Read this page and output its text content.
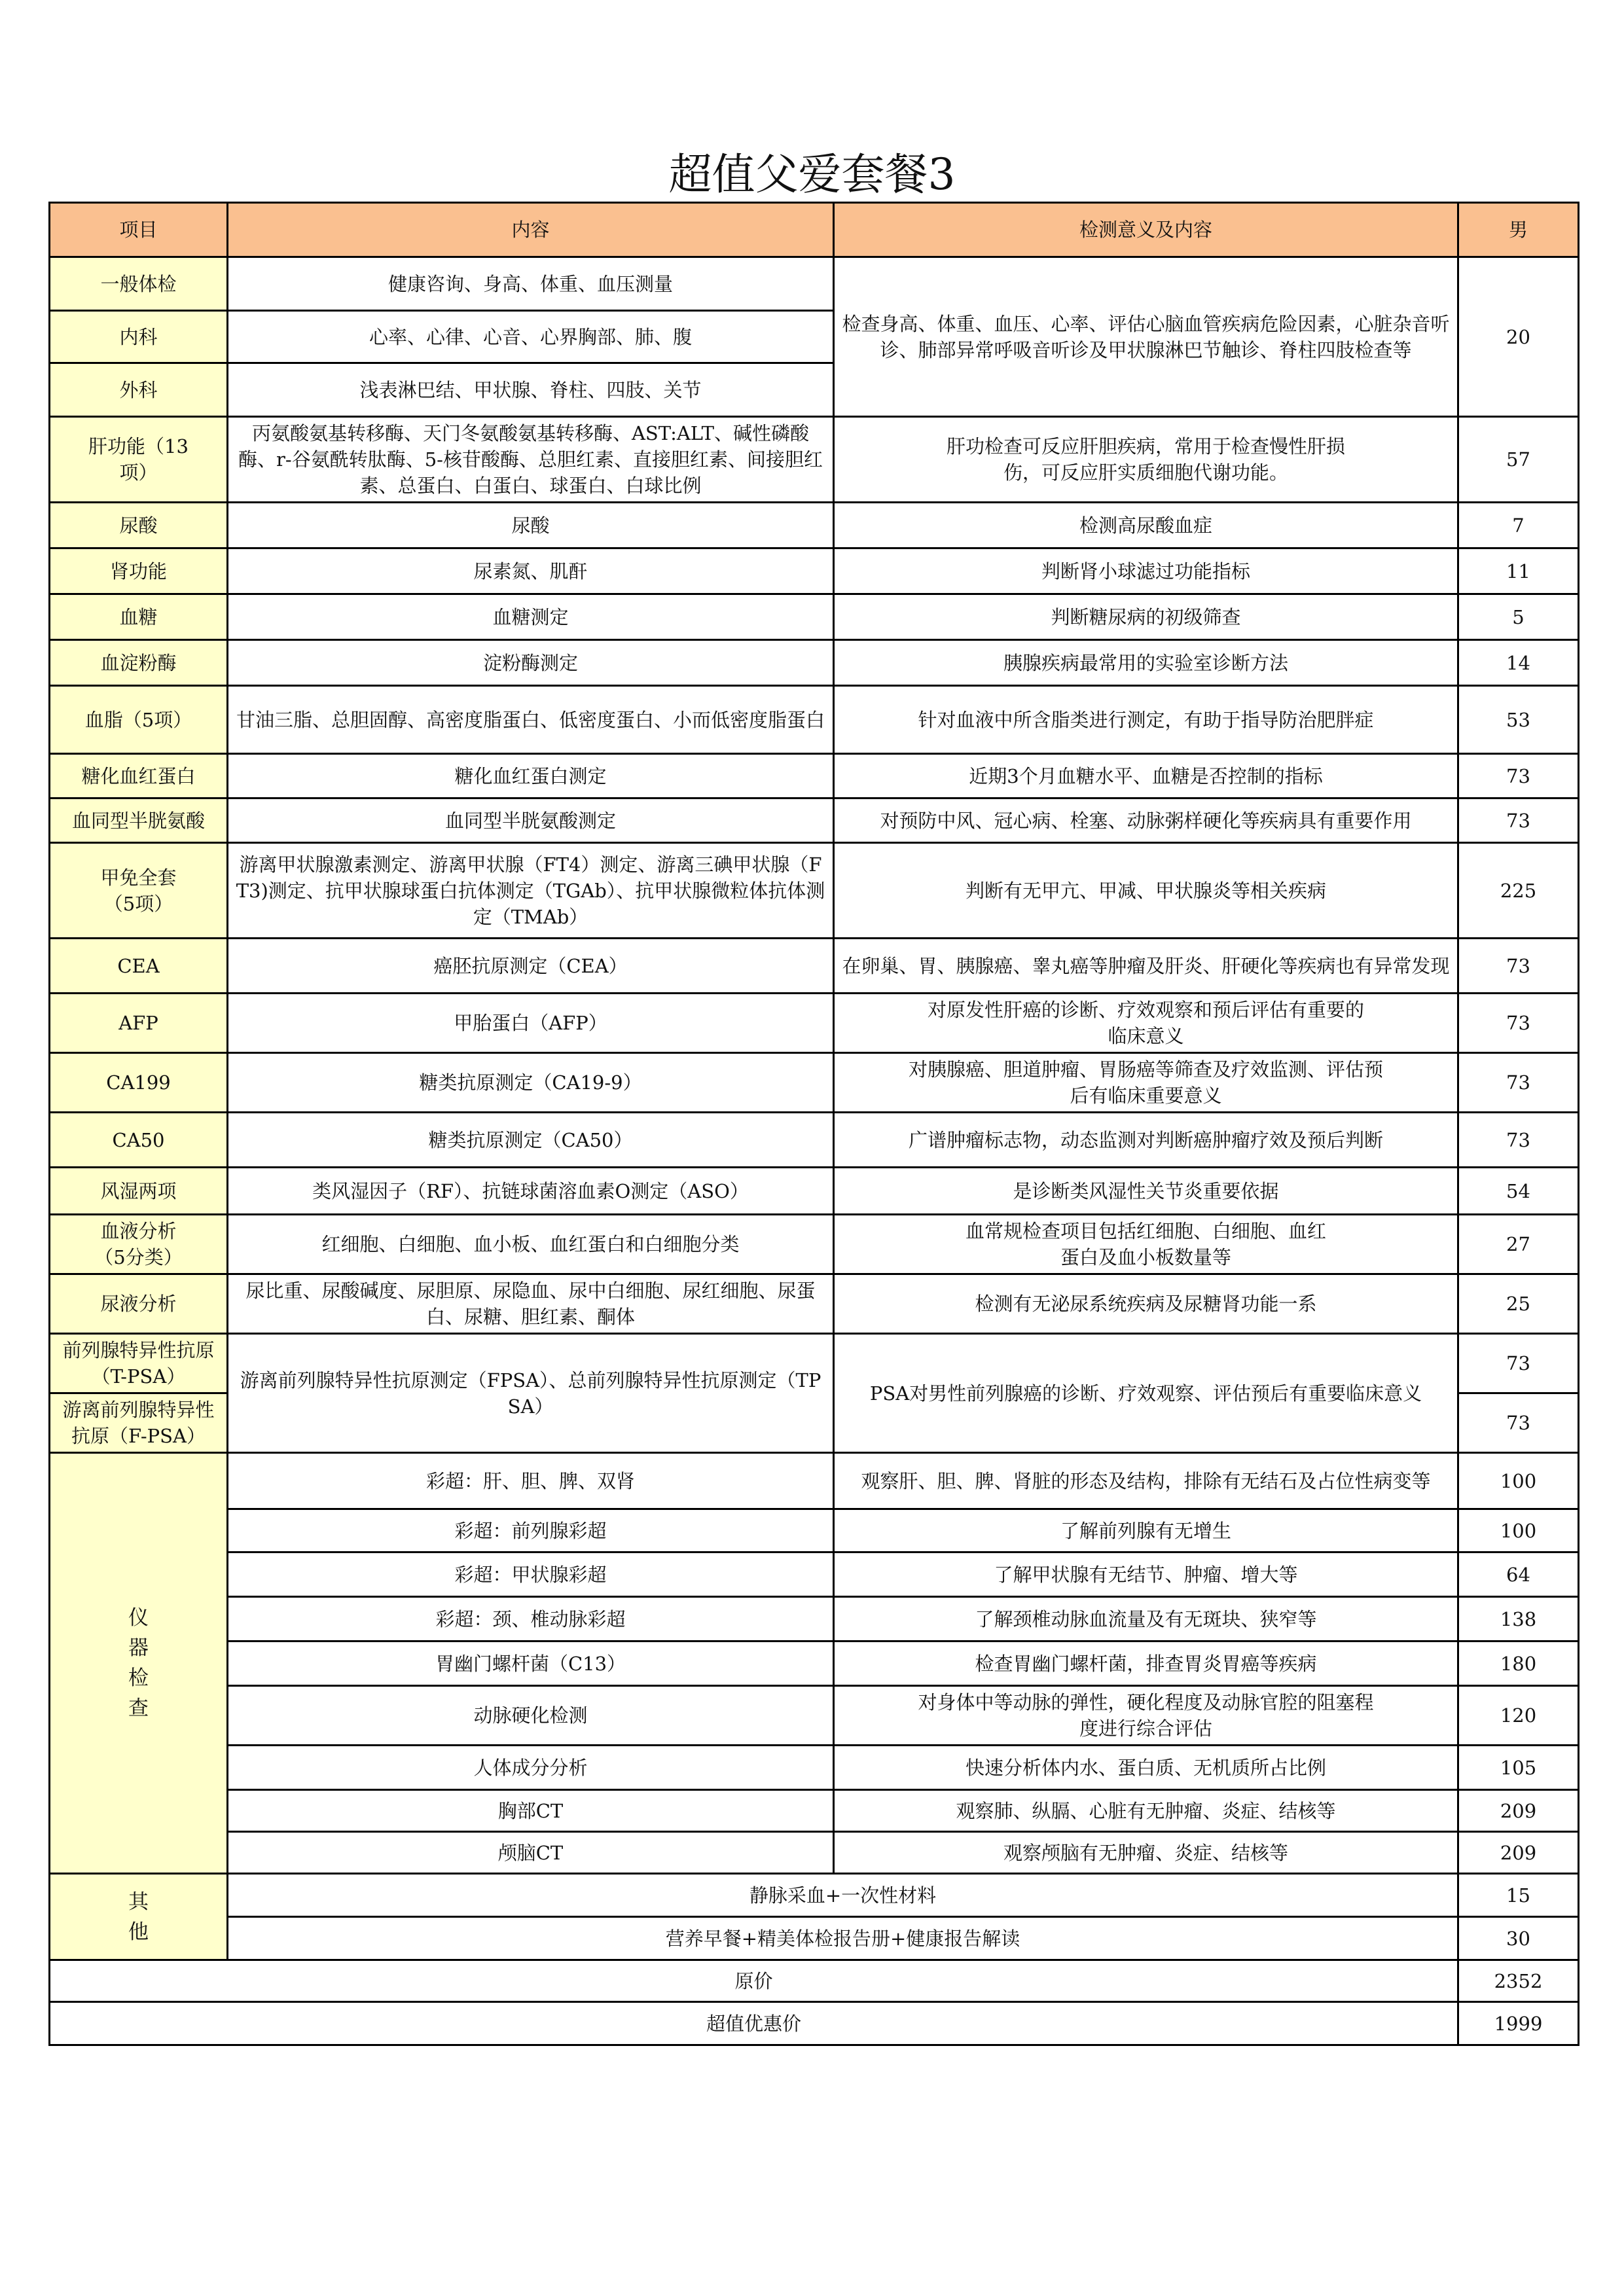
超值父爱套餐3
项目	内容	检测意义及内容	男
一般体检	健康咨询、身高、体重、血压测量	检查身高、体重、血压、心率、评估心脑血管疾病危险因素，心脏杂音听诊、肺部异常呼吸音听诊及甲状腺淋巴节触诊、脊柱四肢检查等	20
内科	心率、心律、心音、心界胸部、肺、腹		
外科	浅表淋巴结、甲状腺、脊柱、四肢、关节		
肝功能（13项）	丙氨酸氨基转移酶、天门冬氨酸氨基转移酶、AST:ALT、碱性磷酸酶、r-谷氨酰转肽酶、5-核苷酸酶、总胆红素、直接胆红素、间接胆红素、总蛋白、白蛋白、球蛋白、白球比例	肝功检查可反应肝胆疾病，常用于检查慢性肝损伤，可反应肝实质细胞代谢功能。	57
尿酸	尿酸	检测高尿酸血症	7
肾功能	尿素氮、肌酐	判断肾小球滤过功能指标	11
血糖	血糖测定	判断糖尿病的初级筛查	5
血淀粉酶	淀粉酶测定	胰腺疾病最常用的实验室诊断方法	14
血脂（5项）	甘油三脂、总胆固醇、高密度脂蛋白、低密度蛋白、小而低密度脂蛋白	针对血液中所含脂类进行测定，有助于指导防治肥胖症	53
糖化血红蛋白	糖化血红蛋白测定	近期3个月血糖水平、血糖是否控制的指标	73
血同型半胱氨酸	血同型半胱氨酸测定	对预防中风、冠心病、栓塞、动脉粥样硬化等疾病具有重要作用	73
甲免全套（5项）	游离甲状腺激素测定、游离甲状腺（FT4）测定、游离三碘甲状腺（FT3)测定、抗甲状腺球蛋白抗体测定（TGAb）、抗甲状腺微粒体抗体测定（TMAb）	判断有无甲亢、甲减、甲状腺炎等相关疾病	225
CEA	癌胚抗原测定（CEA）	在卵巢、胃、胰腺癌、睾丸癌等肿瘤及肝炎、肝硬化等疾病也有异常发现	73
AFP	甲胎蛋白（AFP）	对原发性肝癌的诊断、疗效观察和预后评估有重要的临床意义	73
CA199	糖类抗原测定（CA19-9）	对胰腺癌、胆道肿瘤、胃肠癌等筛查及疗效监测、评估预后有临床重要意义	73
CA50	糖类抗原测定（CA50）	广谱肿瘤标志物，动态监测对判断癌肿瘤疗效及预后判断	73
风湿两项	类风湿因子（RF）、抗链球菌溶血素O测定（ASO）	是诊断类风湿性关节炎重要依据	54
血液分析（5分类）	红细胞、白细胞、血小板、血红蛋白和白细胞分类	血常规检查项目包括红细胞、白细胞、血红蛋白及血小板数量等	27
尿液分析	尿比重、尿酸碱度、尿胆原、尿隐血、尿中白细胞、尿红细胞、尿蛋白、尿糖、胆红素、酮体	检测有无泌尿系统疾病及尿糖肾功能一系	25
前列腺特异性抗原（T-PSA）	游离前列腺特异性抗原测定（FPSA）、总前列腺特异性抗原测定（TPSA）	PSA对男性前列腺癌的诊断、疗效观察、评估预后有重要临床意义	73
游离前列腺特异性抗原（F-PSA）			73
仪器检查	彩超：肝、胆、脾、双肾	观察肝、胆、脾、肾脏的形态及结构，排除有无结石及占位性病变等	100
	彩超：前列腺彩超	了解前列腺有无增生	100
	彩超：甲状腺彩超	了解甲状腺有无结节、肿瘤、增大等	64
	彩超：颈、椎动脉彩超	了解颈椎动脉血流量及有无斑块、狭窄等	138
	胃幽门螺杆菌（C13）	检查胃幽门螺杆菌，排查胃炎胃癌等疾病	180
	动脉硬化检测	对身体中等动脉的弹性，硬化程度及动脉官腔的阻塞程度进行综合评估	120
	人体成分分析	快速分析体内水、蛋白质、无机质所占比例	105
	胸部CT	观察肺、纵膈、心脏有无肿瘤、炎症、结核等	209
	颅脑CT	观察颅脑有无肿瘤、炎症、结核等	209
其他	静脉采血+一次性材料		15
	营养早餐+精美体检报告册+健康报告解读		30
原价			2352
超值优惠价			1999
